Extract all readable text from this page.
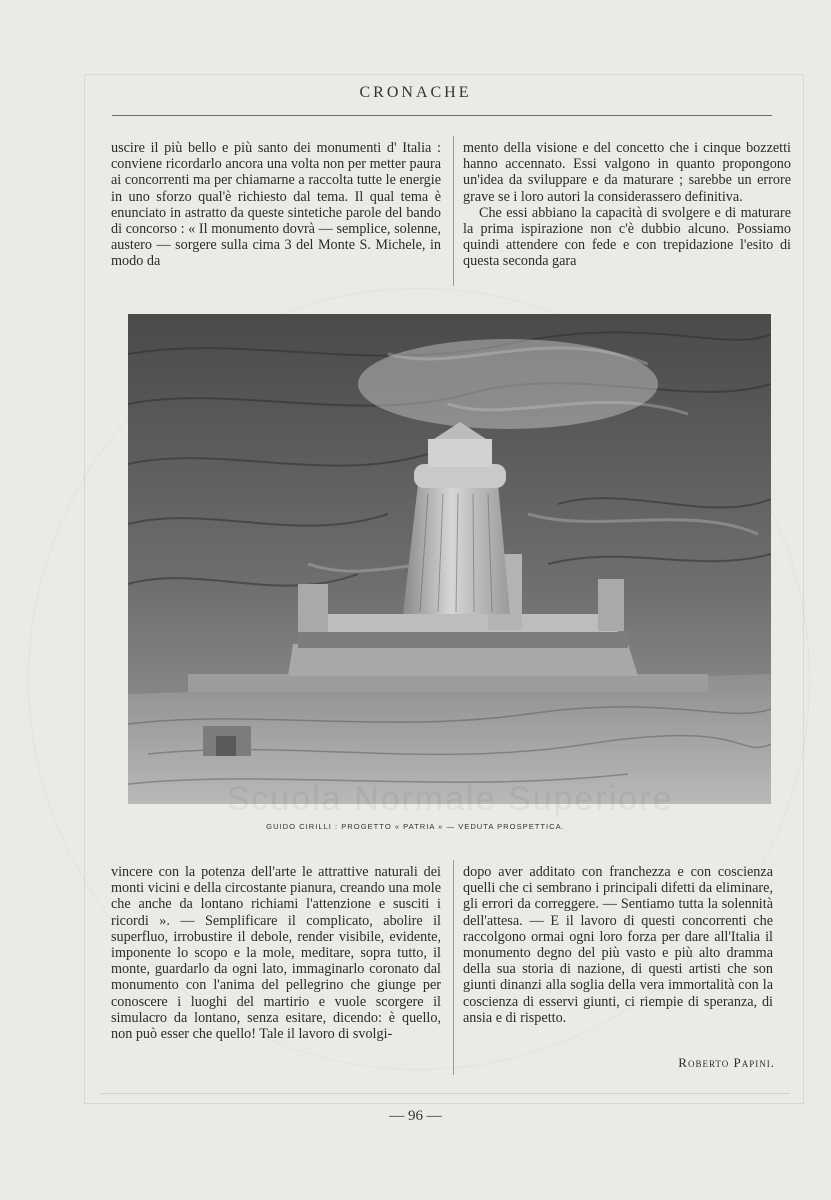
CRONACHE

uscire il più bello e più santo dei monumenti d' Italia : conviene ricordarlo ancora una volta non per metter paura ai concorrenti ma per chiamarne a raccolta tutte le energie in uno sforzo qual'è richiesto dal tema. Il qual tema è enunciato in astratto da queste sintetiche parole del bando di concorso : « Il monumento dovrà — semplice, solenne, austero — sorgere sulla cima 3 del Monte S. Michele, in modo da

mento della visione e del concetto che i cinque bozzetti hanno accennato. Essi valgono in quanto propongono un'idea da sviluppare e da maturare ; sarebbe un errore grave se i loro autori la considerassero definitiva.

Che essi abbiano la capacità di svolgere e di maturare la prima ispirazione non c'è dubbio alcuno. Possiamo quindi attendere con fede e con trepidazione l'esito di questa seconda gara

GUIDO CIRILLI : PROGETTO « PATRIA » — VEDUTA PROSPETTICA.

vincere con la potenza dell'arte le attrattive naturali dei monti vicini e della circostante pianura, creando una mole che anche da lontano richiami l'attenzione e susciti i ricordi ». — Semplificare il complicato, abolire il superfluo, irrobustire il debole, render visibile, evidente, imponente lo scopo e la mole, meditare, sopra tutto, il monte, guardarlo da ogni lato, immaginarlo coronato dal monumento con l'anima del pellegrino che giunge per conoscere i luoghi del martirio e vuole scorgere il simulacro da lontano, senza esitare, dicendo: è quello, non può esser che quello! Tale il lavoro di svolgi-

dopo aver additato con franchezza e con coscienza quelli che ci sembrano i principali difetti da eliminare, gli errori da correggere. — Sentiamo tutta la solennità dell'attesa. — E il lavoro di questi concorrenti che raccolgono ormai ogni loro forza per dare all'Italia il monumento degno del più vasto e più alto dramma della sua storia di nazione, di questi artisti che son giunti dinanzi alla soglia della vera immortalità con la coscienza di esservi giunti, ci riempie di speranza, di ansia e di rispetto.

Roberto Papini.
— 96 —
